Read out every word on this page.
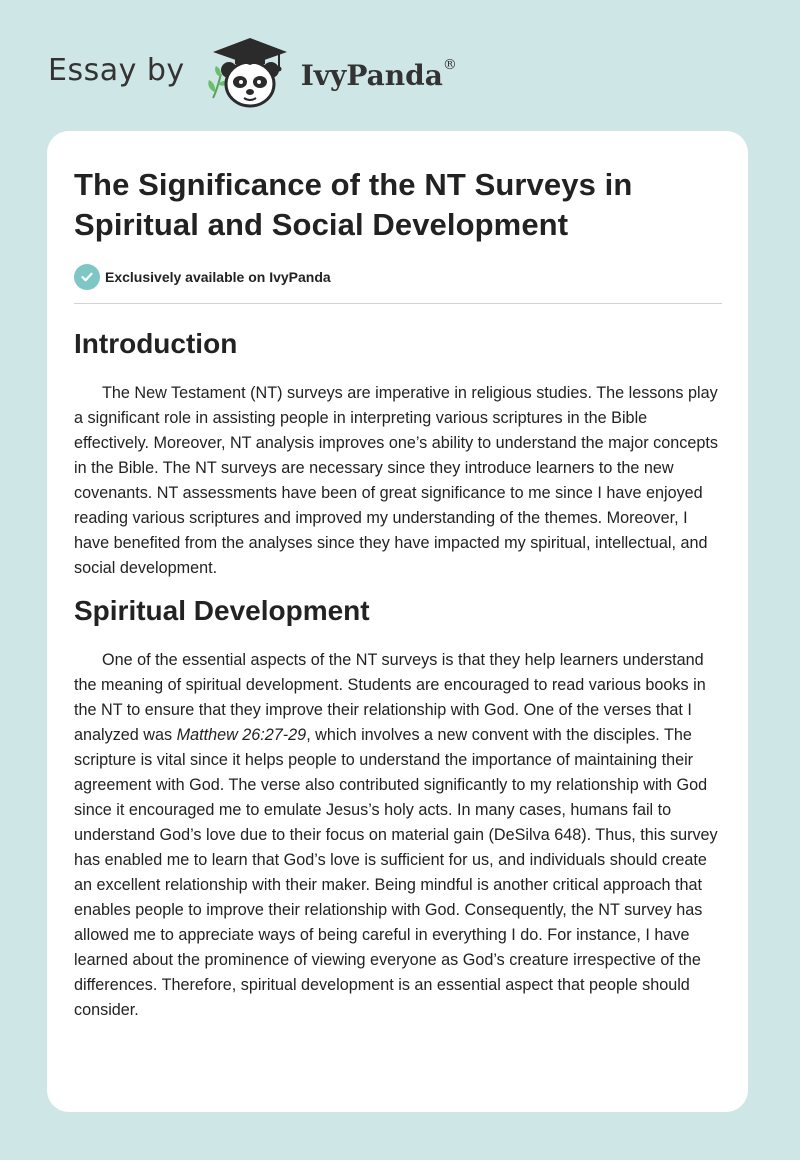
Essay by	IvyPanda®
The Significance of the NT Surveys in Spiritual and Social Development
Exclusively available on IvyPanda
Introduction

The New Testament (NT) surveys are imperative in religious studies. The lessons play a significant role in assisting people in interpreting various scriptures in the Bible effectively. Moreover, NT analysis improves one’s ability to understand the major concepts in the Bible. The NT surveys are necessary since they introduce learners to the new covenants. NT assessments have been of great significance to me since I have enjoyed reading various scriptures and improved my understanding of the themes. Moreover, I have benefited from the analyses since they have impacted my spiritual, intellectual, and social development.

Spiritual Development

One of the essential aspects of the NT surveys is that they help learners understand the meaning of spiritual development. Students are encouraged to read various books in the NT to ensure that they improve their relationship with God. One of the verses that I analyzed was Matthew 26:27-29, which involves a new convent with the disciples. The scripture is vital since it helps people to understand the importance of maintaining their agreement with God. The verse also contributed significantly to my relationship with God since it encouraged me to emulate Jesus’s holy acts. In many cases, humans fail to understand God’s love due to their focus on material gain (DeSilva 648). Thus, this survey has enabled me to learn that God’s love is sufficient for us, and individuals should create an excellent relationship with their maker. Being mindful is another critical approach that enables people to improve their relationship with God. Consequently, the NT survey has allowed me to appreciate ways of being careful in everything I do. For instance, I have learned about the prominence of viewing everyone as God’s creature irrespective of the differences. Therefore, spiritual development is an essential aspect that people should consider.
